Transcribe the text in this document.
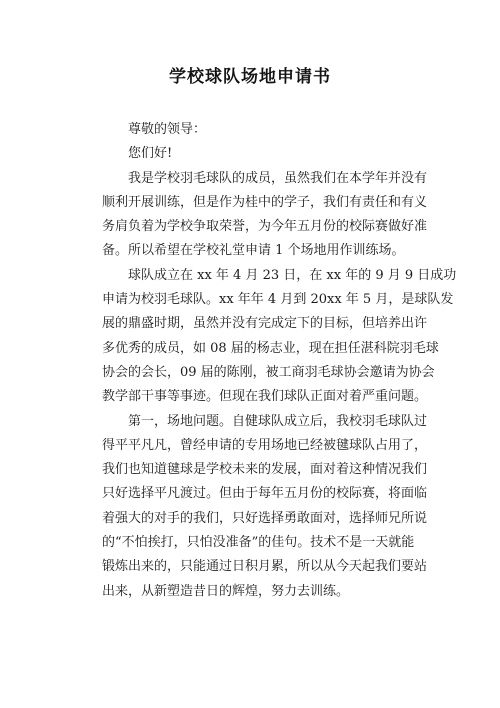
学校球队场地申请书
尊敬的领导：
您们好!
我是学校羽毛球队的成员，虽然我们在本学年并没有
顺利开展训练，但是作为桂中的学子，我们有责任和有义
务肩负着为学校争取荣誉，为今年五月份的校际赛做好准
备。所以希望在学校礼堂申请 1 个场地用作训练场。
球队成立在 xx 年 4 月 23 日，在 xx 年的 9 月 9 日成功
申请为校羽毛球队。xx 年年 4 月到 20xx 年 5 月，是球队发
展的鼎盛时期，虽然并没有完成定下的目标，但培养出许
多优秀的成员，如 08 届的杨志业，现在担任湛科院羽毛球
协会的会长，09 届的陈刚，被工商羽毛球协会邀请为协会
教学部干事等事迹。但现在我们球队正面对着严重问题。
第一，场地问题。自健球队成立后，我校羽毛球队过
得平平凡凡，曾经申请的专用场地已经被毽球队占用了，
我们也知道毽球是学校未来的发展，面对着这种情况我们
只好选择平凡渡过。但由于每年五月份的校际赛，将面临
着强大的对手的我们，只好选择勇敢面对，选择师兄所说
的“不怕挨打，只怕没准备”的佳句。技术不是一天就能
锻炼出来的，只能通过日积月累，所以从今天起我们要站
出来，从新塑造昔日的辉煌，努力去训练。
